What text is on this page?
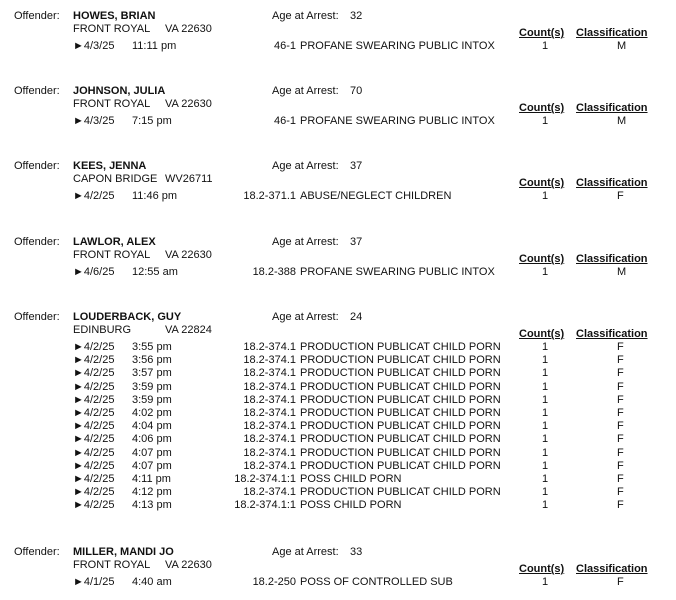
Offender: HOWES, BRIAN	Age at Arrest: 32
FRONT ROYAL VA 22630	Count(s) Classification
►4/3/25 11:11 pm	46-1 PROFANE SWEARING PUBLIC INTOX	1	M
Offender: JOHNSON, JULIA	Age at Arrest: 70
FRONT ROYAL VA 22630	Count(s) Classification
►4/3/25 7:15 pm	46-1 PROFANE SWEARING PUBLIC INTOX	1	M
Offender: KEES, JENNA	Age at Arrest: 37
CAPON BRIDGE WV26711	Count(s) Classification
►4/2/25 11:46 pm	18.2-371.1 ABUSE/NEGLECT CHILDREN	1	F
Offender: LAWLOR, ALEX	Age at Arrest: 37
FRONT ROYAL VA 22630	Count(s) Classification
►4/6/25 12:55 am	18.2-388 PROFANE SWEARING PUBLIC INTOX	1	M
Offender: LOUDERBACK, GUY	Age at Arrest: 24
EDINBURG	VA 22824	Count(s) Classification
►4/2/25 3:55 pm	18.2-374.1 PRODUCTION PUBLICAT CHILD PORN	1	F
►4/2/25 3:56 pm	18.2-374.1 PRODUCTION PUBLICAT CHILD PORN	1	F
►4/2/25 3:57 pm	18.2-374.1 PRODUCTION PUBLICAT CHILD PORN	1	F
►4/2/25 3:59 pm	18.2-374.1 PRODUCTION PUBLICAT CHILD PORN	1	F
►4/2/25 3:59 pm	18.2-374.1 PRODUCTION PUBLICAT CHILD PORN	1	F
►4/2/25 4:02 pm	18.2-374.1 PRODUCTION PUBLICAT CHILD PORN	1	F
►4/2/25 4:04 pm	18.2-374.1 PRODUCTION PUBLICAT CHILD PORN	1	F
►4/2/25 4:06 pm	18.2-374.1 PRODUCTION PUBLICAT CHILD PORN	1	F
►4/2/25 4:07 pm	18.2-374.1 PRODUCTION PUBLICAT CHILD PORN	1	F
►4/2/25 4:07 pm	18.2-374.1 PRODUCTION PUBLICAT CHILD PORN	1	F
►4/2/25 4:11 pm	18.2-374.1:1 POSS CHILD PORN	1	F
►4/2/25 4:12 pm	18.2-374.1 PRODUCTION PUBLICAT CHILD PORN	1	F
►4/2/25 4:13 pm	18.2-374.1:1 POSS CHILD PORN	1	F
Offender: MILLER, MANDI JO	Age at Arrest: 33
FRONT ROYAL VA 22630	Count(s) Classification
►4/1/25 4:40 am	18.2-250 POSS OF CONTROLLED SUB	1	F
